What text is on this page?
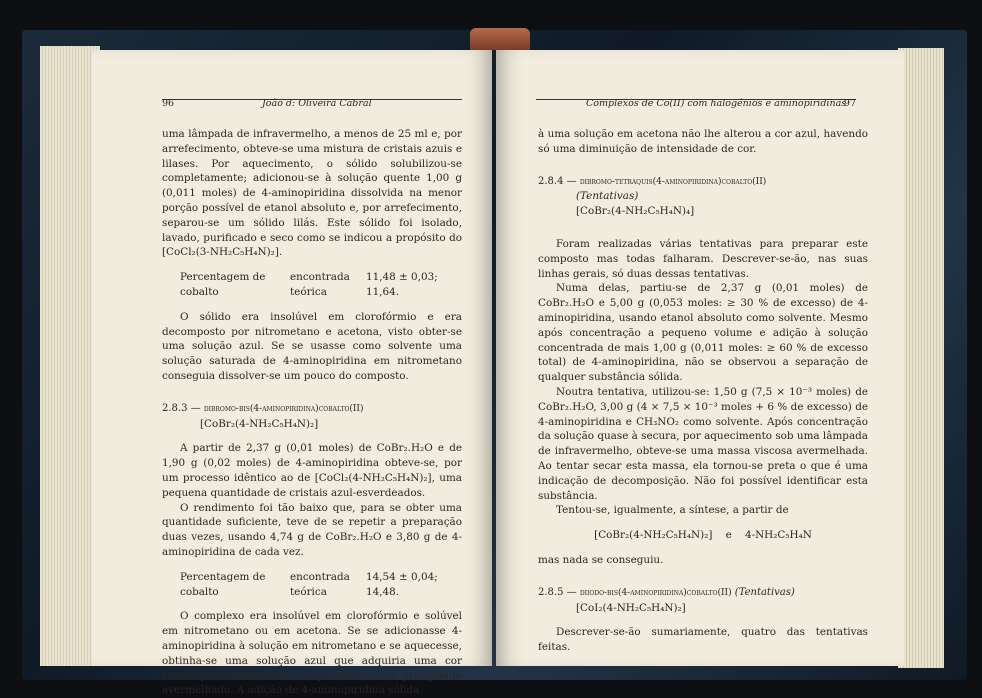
96	João d: Oliveira Cabral

uma lâmpada de infravermelho, a menos de 25 ml e, por arrefecimento, obteve-se uma mistura de cristais azuis e lilases. Por aquecimento, o sólido solubilizou-se completamente; adicionou-se à solução quente 1,00 g (0,011 moles) de 4-aminopiridina dissolvida na menor porção possível de etanol absoluto e, por arrefecimento, separou-se um sólido lilás. Este sólido foi isolado, lavado, purificado e seco como se indicou a propósito do [CoCl₂(3-NH₂C₅H₄N)₂].

Percentagem de cobalto
encontrada
teórica
11,48 ± 0,03;
11,64.

O sólido era insolúvel em clorofórmio e era decomposto por nitrometano e acetona, visto obter-se uma solução azul. Se se usasse como solvente uma solução saturada de 4-aminopiridina em nitrometano conseguia dissolver-se um pouco do composto.

2.8.3 — dibromo-bis(4-aminopiridina)cobalto(II)
[CoBr₂(4-NH₂C₅H₄N)₂]

A partir de 2,37 g (0,01 moles) de CoBr₂.H₂O e de 1,90 g (0,02 moles) de 4-aminopiridina obteve-se, por um processo idêntico ao de [CoCl₂(4-NH₂C₅H₄N)₂], uma pequena quantidade de cristais azul-esverdeados.

O rendimento foi tão baixo que, para se obter uma quantidade suficiente, teve de se repetir a preparação duas vezes, usando 4,74 g de CoBr₂.H₂O e 3,80 g de 4-aminopiridina de cada vez.

Percentagem de cobalto
encontrada
teórica
14,54 ± 0,04;
14,48.

O complexo era insolúvel em clorofórmio e solúvel em nitrometano ou em acetona. Se se adicionasse 4-aminopiridina à solução em nitrometano e se aquecesse, obtinha-se uma solução azul que adquiria uma cor vinosa por arrefecimento, separando-se um precipitado avermelhado. A adição de 4-aminopiridina sólida

Complexos de Co(II) com halogénios e aminopiridinas
97

à uma solução em acetona não lhe alterou a cor azul, havendo só uma diminuição de intensidade de cor.

2.8.4 — dibromo-tetraquis(4-aminopiridina)cobalto(II)
(Tentativas)
[CoBr₂(4-NH₂C₅H₄N)₄]

Foram realizadas várias tentativas para preparar este composto mas todas falharam. Descrever-se-ão, nas suas linhas gerais, só duas dessas tentativas.

Numa delas, partiu-se de 2,37 g (0,01 moles) de CoBr₂.H₂O e 5,00 g (0,053 moles: ≥ 30 % de excesso) de 4-aminopiridina, usando etanol absoluto como solvente. Mesmo após concentração a pequeno volume e adição à solução concentrada de mais 1,00 g (0,011 moles: ≥ 60 % de excesso total) de 4-aminopiridina, não se observou a separação de qualquer substância sólida.

Noutra tentativa, utilizou-se: 1,50 g (7,5 × 10⁻³ moles) de CoBr₂.H₂O, 3,00 g (4 × 7,5 × 10⁻³ moles + 6 % de excesso) de 4-aminopiridina e CH₃NO₂ como solvente. Após concentração da solução quase à secura, por aquecimento sob uma lâmpada de infravermelho, obteve-se uma massa viscosa avermelhada. Ao tentar secar esta massa, ela tornou-se preta o que é uma indicação de decomposição. Não foi possível identificar esta substância.

Tentou-se, igualmente, a síntese, a partir de

[CoBr₂(4-NH₂C₅H₄N)₂] e 4-NH₂C₅H₄N

mas nada se conseguiu.

2.8.5 — diiodo-bis(4-aminopiridina)cobalto(II) (Tentativas)
[CoI₂(4-NH₂C₅H₄N)₂]

Descrever-se-ão sumariamente, quatro das tentativas feitas.
